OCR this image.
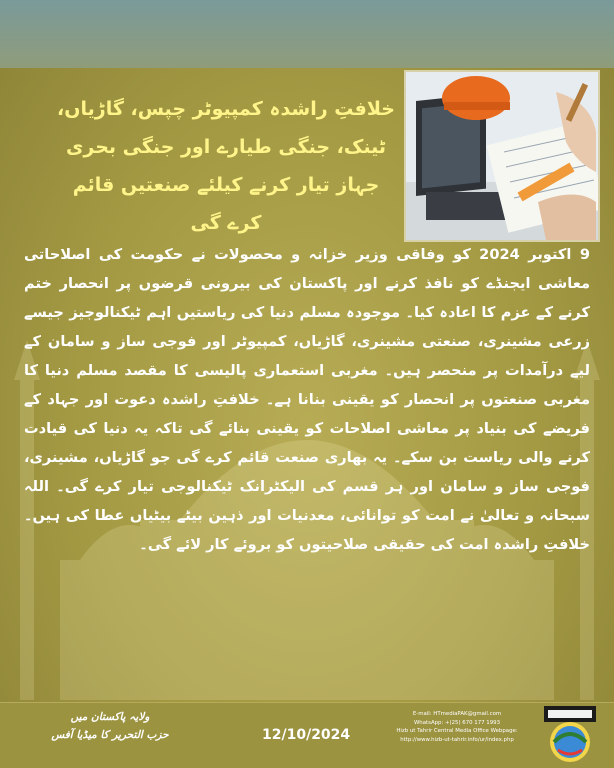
خلافتِ راشدہ کمپیوٹر چپس، گاڑیاں، ٹینک، جنگی طیارے اور جنگی بحری جہاز تیار کرنے کیلئے صنعتیں قائم کرے گی
9 اکتوبر 2024 کو وفاقی وزیر خزانہ و محصولات نے حکومت کی اصلاحاتی معاشی ایجنڈے کو نافذ کرنے اور پاکستان کی بیرونی قرضوں پر انحصار ختم کرنے کے عزم کا اعادہ کیا۔ موجودہ مسلم دنیا کی ریاستیں اہم ٹیکنالوجیز جیسے زرعی مشینری، صنعتی مشینری، گاڑیاں، کمپیوٹر اور فوجی ساز و سامان کے لیے درآمدات پر منحصر ہیں۔ مغربی استعماری پالیسی کا مقصد مسلم دنیا کا مغربی صنعتوں پر انحصار کو یقینی بنانا ہے۔ خلافتِ راشدہ دعوت اور جہاد کے فریضے کی بنیاد پر معاشی اصلاحات کو یقینی بنائے گی تاکہ یہ دنیا کی قیادت کرنے والی ریاست بن سکے۔ یہ بھاری صنعت قائم کرے گی جو گاڑیاں، مشینری، فوجی ساز و سامان اور ہر قسم کی الیکٹرانک ٹیکنالوجی تیار کرے گی۔ اللہ سبحانہ و تعالیٰ نے امت کو توانائی، معدنیات اور ذہین بیٹے بیٹیاں عطا کی ہیں۔ خلافتِ راشدہ امت کی حقیقی صلاحیتوں کو بروئے کار لائے گی۔
ولایہ پاکستان میں
حزب التحریر کا میڈیا آفس	12/10/2024
E-mail: HTmediaPAK@gmail.com
WhatsApp: +(25) 670 177 1993
Hizb ut Tahrir Central Media Office Webpage:
http://www.hizb-ut-tahrir.info/ur/index.php
